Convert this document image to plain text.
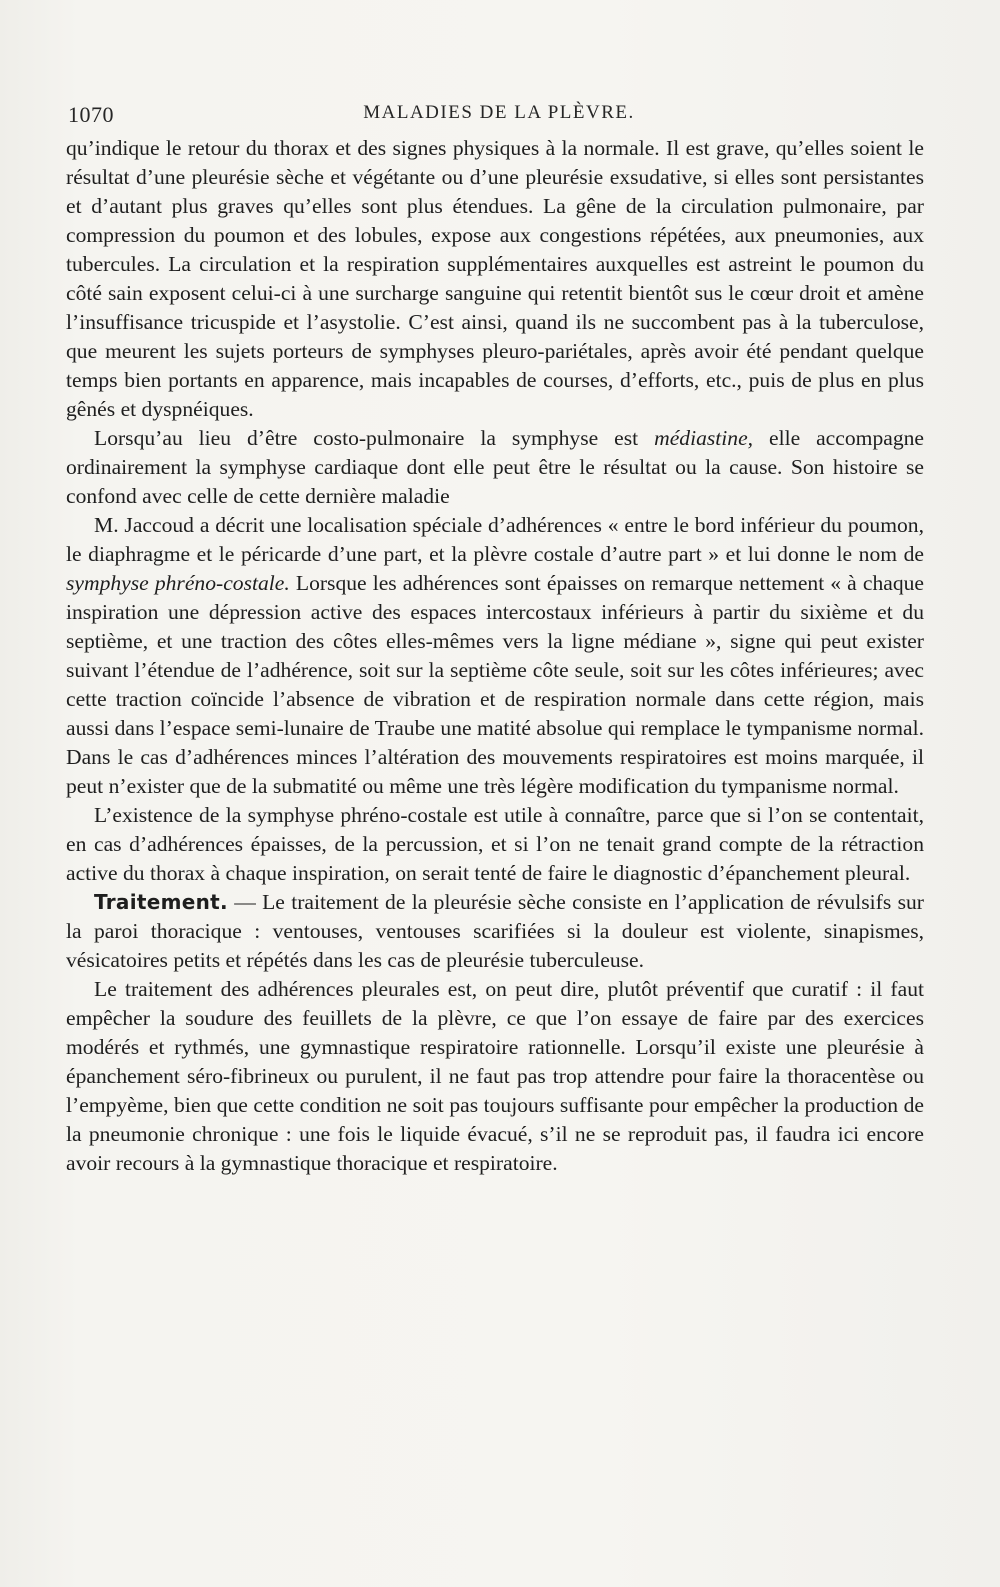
1070	MALADIES DE LA PLÈVRE.

qu’indique le retour du thorax et des signes physiques à la normale. Il est grave, qu’elles soient le résultat d’une pleurésie sèche et végétante ou d’une pleurésie exsudative, si elles sont persistantes et d’autant plus graves qu’elles sont plus étendues. La gêne de la circulation pulmonaire, par compression du poumon et des lobules, expose aux congestions répétées, aux pneumonies, aux tubercules. La circulation et la respiration supplémentaires auxquelles est astreint le poumon du côté sain exposent celui-ci à une surcharge sanguine qui retentit bientôt sus le cœur droit et amène l’insuffisance tricuspide et l’asystolie. C’est ainsi, quand ils ne succombent pas à la tuberculose, que meurent les sujets porteurs de symphyses pleuro-pariétales, après avoir été pendant quelque temps bien portants en apparence, mais incapables de courses, d’efforts, etc., puis de plus en plus gênés et dyspnéiques.

Lorsqu’au lieu d’être costo-pulmonaire la symphyse est médiastine, elle accompagne ordinairement la symphyse cardiaque dont elle peut être le résultat ou la cause. Son histoire se confond avec celle de cette dernière maladie

M. Jaccoud a décrit une localisation spéciale d’adhérences « entre le bord inférieur du poumon, le diaphragme et le péricarde d’une part, et la plèvre costale d’autre part » et lui donne le nom de symphyse phréno-costale. Lorsque les adhérences sont épaisses on remarque nettement « à chaque inspiration une dépression active des espaces intercostaux inférieurs à partir du sixième et du septième, et une traction des côtes elles-mêmes vers la ligne médiane », signe qui peut exister suivant l’étendue de l’adhérence, soit sur la septième côte seule, soit sur les côtes inférieures; avec cette traction coïncide l’absence de vibration et de respiration normale dans cette région, mais aussi dans l’espace semi-lunaire de Traube une matité absolue qui remplace le tympanisme normal. Dans le cas d’adhérences minces l’altération des mouvements respiratoires est moins marquée, il peut n’exister que de la submatité ou même une très légère modification du tympanisme normal.

L’existence de la symphyse phréno-costale est utile à connaître, parce que si l’on se contentait, en cas d’adhérences épaisses, de la percussion, et si l’on ne tenait grand compte de la rétraction active du thorax à chaque inspiration, on serait tenté de faire le diagnostic d’épanchement pleural.

Traitement. — Le traitement de la pleurésie sèche consiste en l’application de révulsifs sur la paroi thoracique : ventouses, ventouses scarifiées si la douleur est violente, sinapismes, vésicatoires petits et répétés dans les cas de pleurésie tuberculeuse.

Le traitement des adhérences pleurales est, on peut dire, plutôt préventif que curatif : il faut empêcher la soudure des feuillets de la plèvre, ce que l’on essaye de faire par des exercices modérés et rythmés, une gymnastique respiratoire rationnelle. Lorsqu’il existe une pleurésie à épanchement séro-fibrineux ou purulent, il ne faut pas trop attendre pour faire la thoracentèse ou l’empyème, bien que cette condition ne soit pas toujours suffisante pour empêcher la production de la pneumonie chronique : une fois le liquide évacué, s’il ne se reproduit pas, il faudra ici encore avoir recours à la gymnastique thoracique et respiratoire.
